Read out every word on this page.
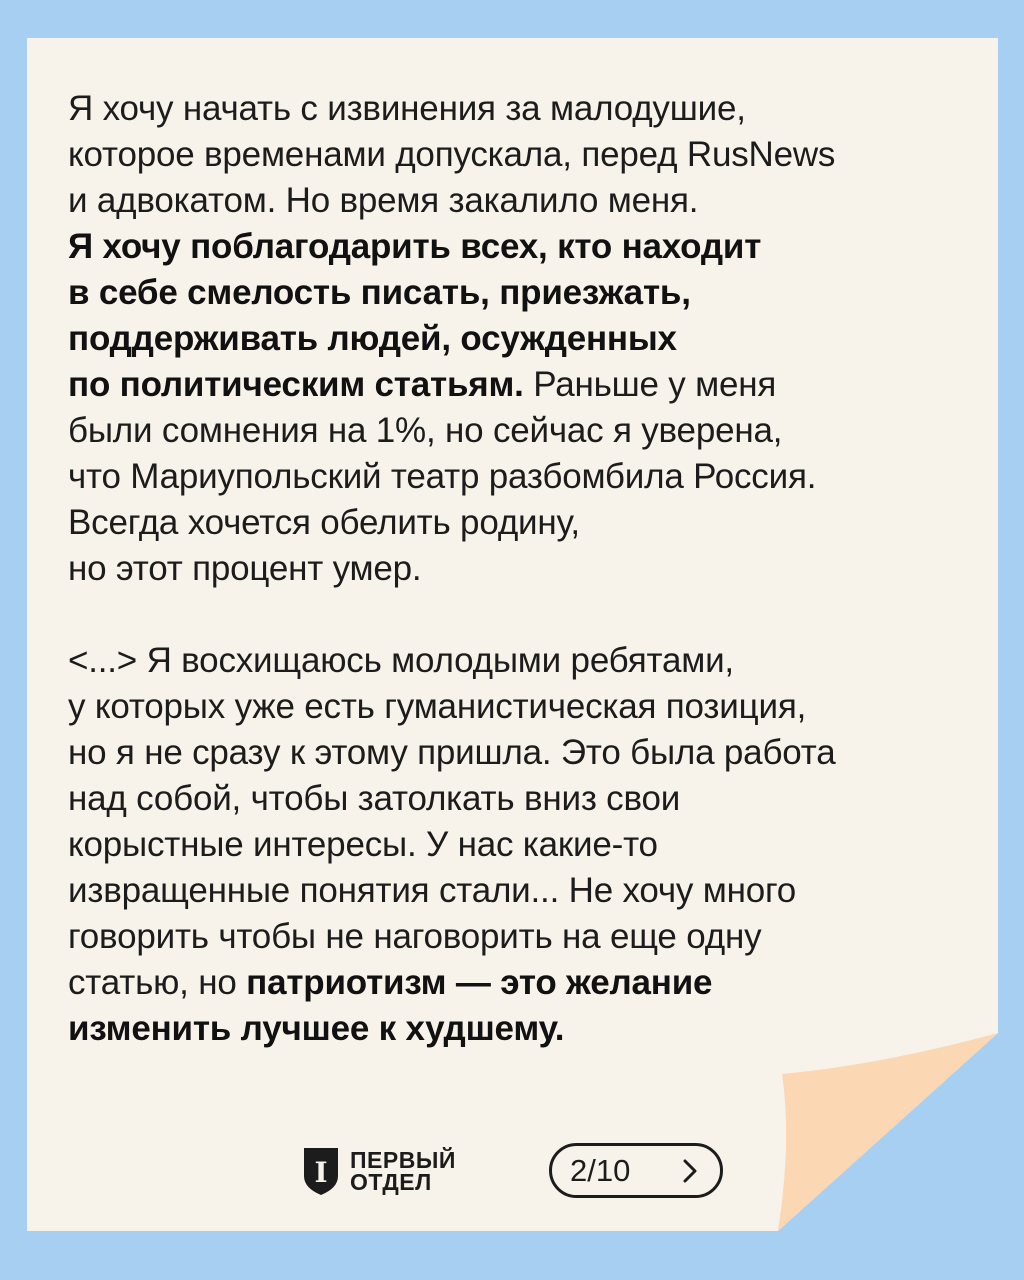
Я хочу начать с извинения за малодушие,

которое временами допускала, перед RusNews

и адвокатом. Но время закалило меня.

Я хочу поблагодарить всех, кто находит

в себе смелость писать, приезжать,

поддерживать людей, осужденных

по политическим статьям. Раньше у меня

были сомнения на 1%, но сейчас я уверена,

что Мариупольский театр разбомбила Россия.

Всегда хочется обелить родину,

но этот процент умер.

<...> Я восхищаюсь молодыми ребятами,

у которых уже есть гуманистическая позиция,

но я не сразу к этому пришла. Это была работа

над собой, чтобы затолкать вниз свои

корыстные интересы. У нас какие-то

извращенные понятия стали... Не хочу много

говорить чтобы не наговорить на еще одну

статью, но патриотизм — это желание

изменить лучшее к худшему.

I ПЕРВЫЙ
ОТДЕЛ	2/10
